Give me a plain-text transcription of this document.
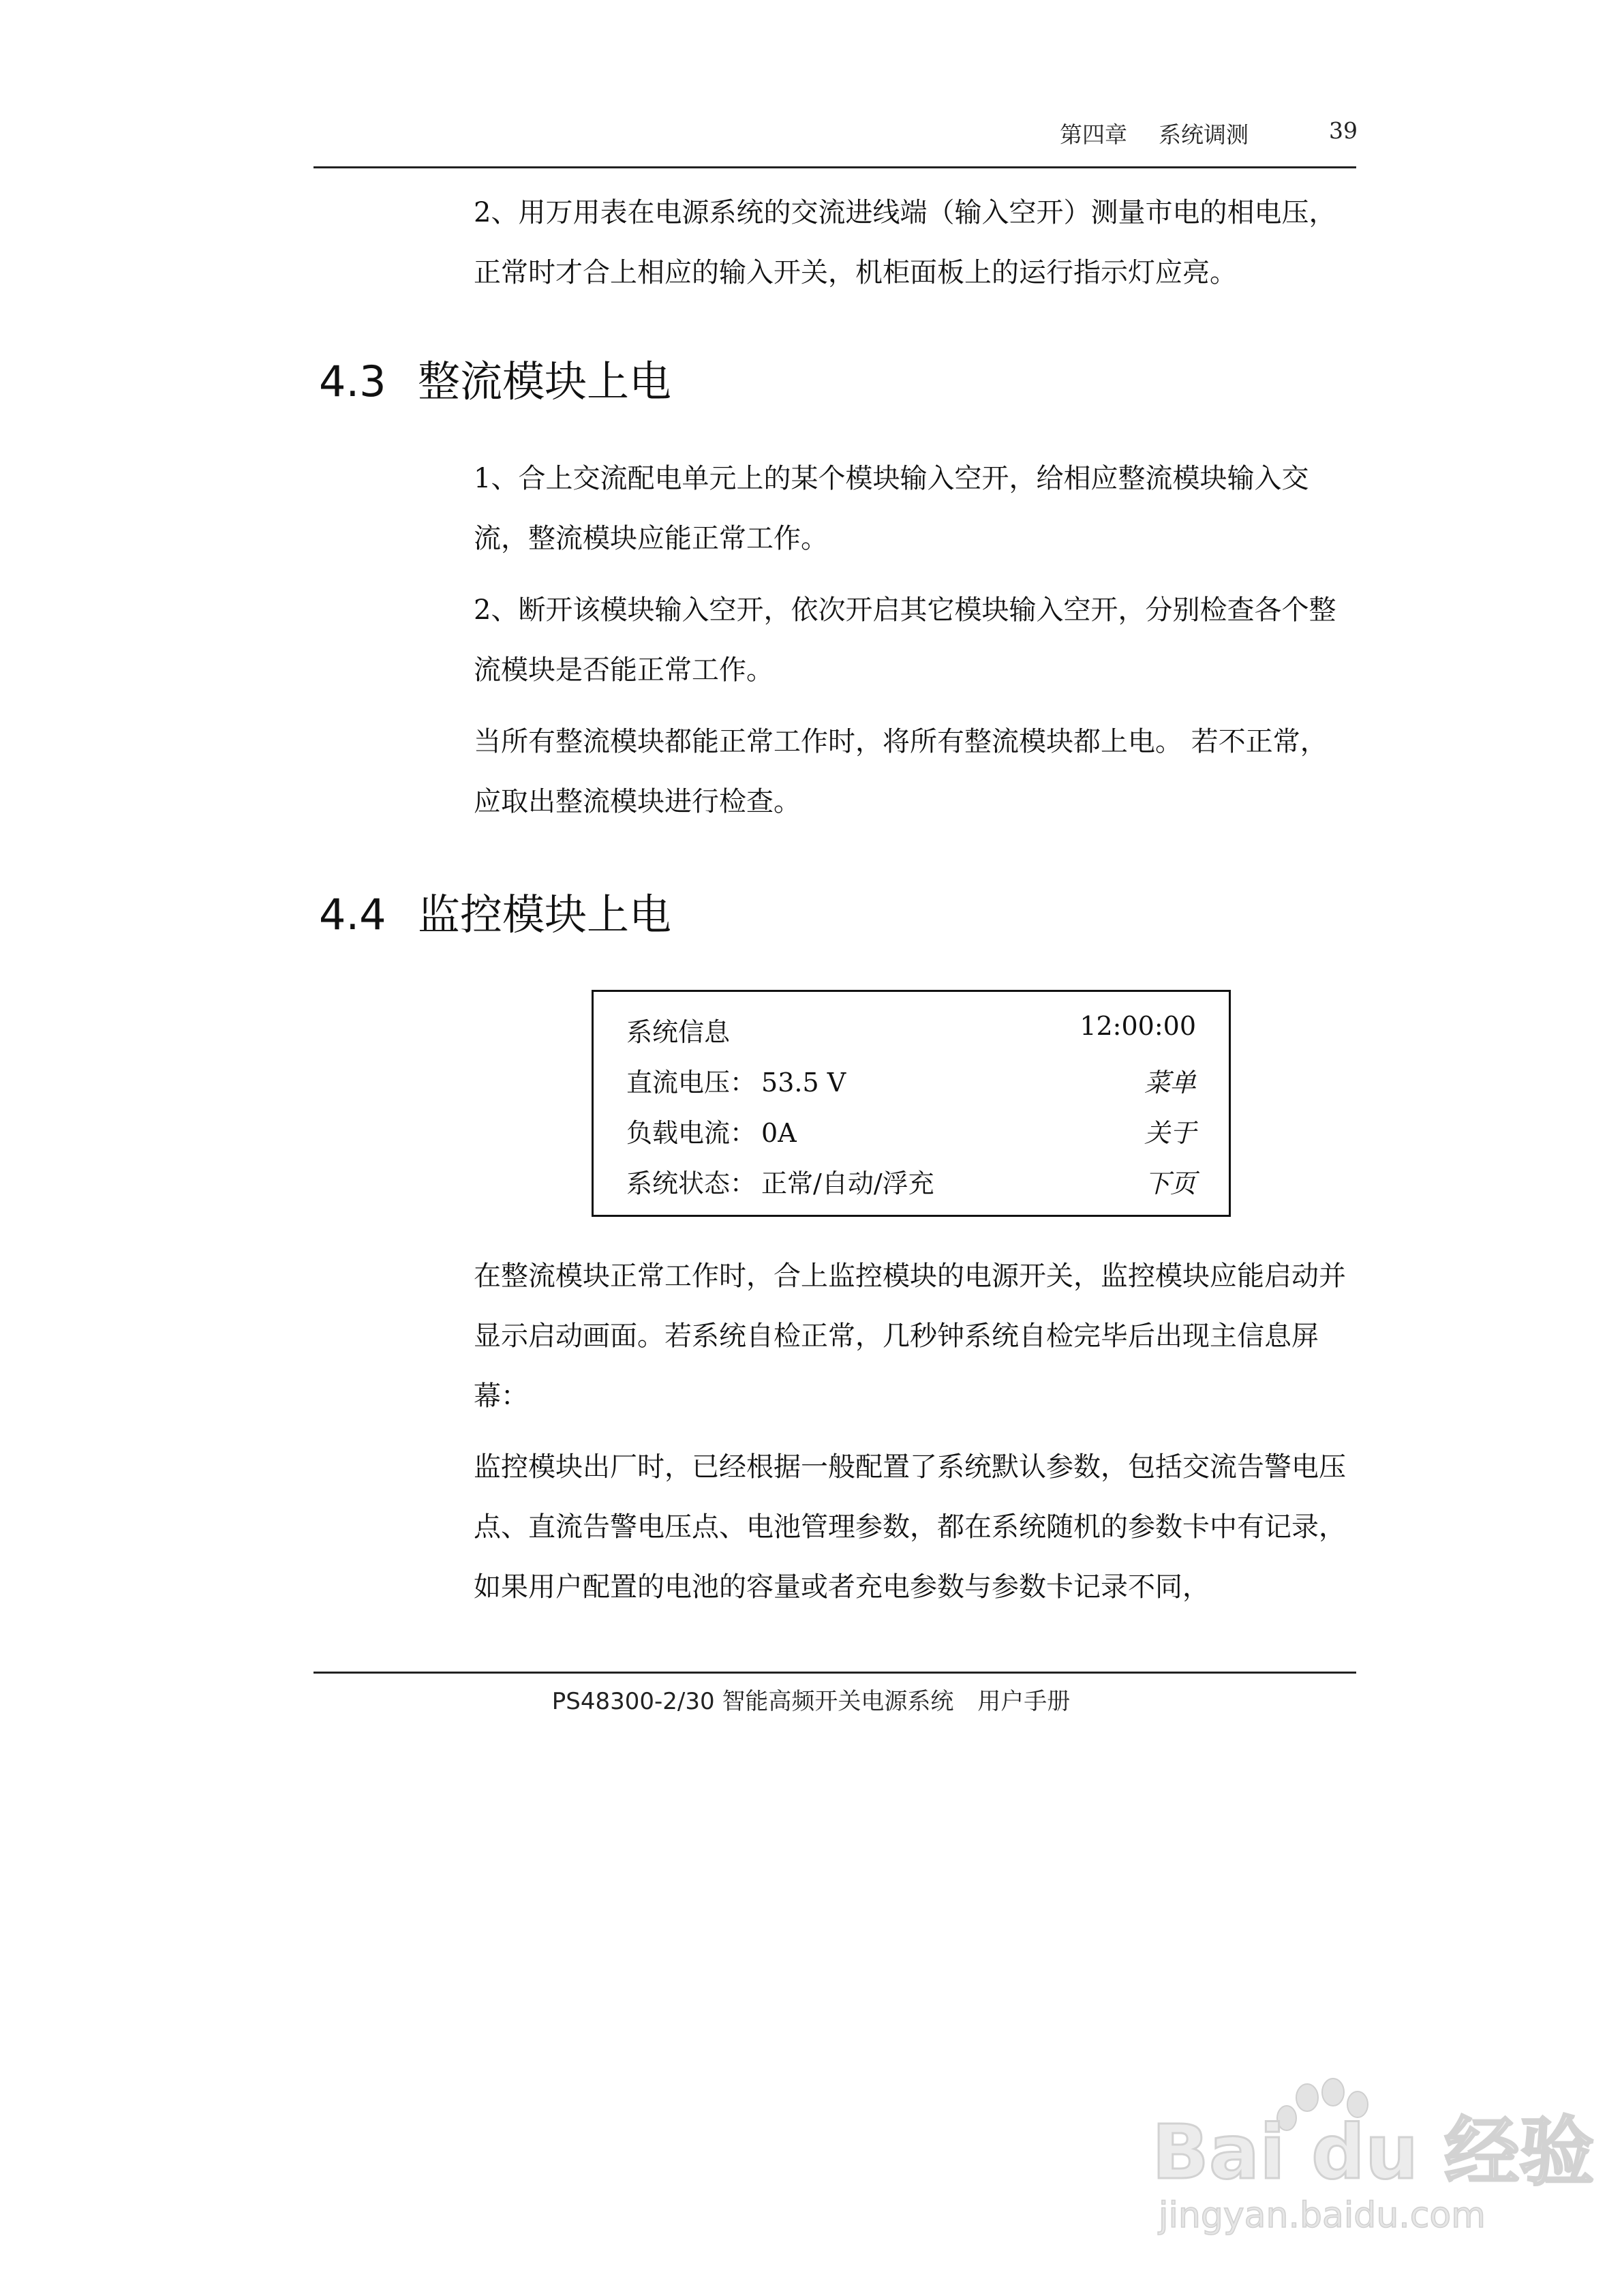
第四章 系统调测	39
2、用万用表在电源系统的交流进线端（输入空开）测量市电的相电压，正常时才合上相应的输入开关，机柜面板上的运行指示灯应亮。
4.3 整流模块上电
1、合上交流配电单元上的某个模块输入空开，给相应整流模块输入交流，整流模块应能正常工作。
2、断开该模块输入空开，依次开启其它模块输入空开，分别检查各个整流模块是否能正常工作。
当所有整流模块都能正常工作时，将所有整流模块都上电。 若不正常，应取出整流模块进行检查。
4.4 监控模块上电
系统信息	12:00:00
直流电压： 53.5 V	菜单
负载电流： 0A	关于
系统状态： 正常/自动/浮充	下页
在整流模块正常工作时，合上监控模块的电源开关，监控模块应能启动并显示启动画面。若系统自检正常，几秒钟系统自检完毕后出现主信息屏幕：
监控模块出厂时，已经根据一般配置了系统默认参数，包括交流告警电压点、直流告警电压点、电池管理参数，都在系统随机的参数卡中有记录，如果用户配置的电池的容量或者充电参数与参数卡记录不同，
PS48300-2/30 智能高频开关电源系统 用户手册
Bai du 经验
jingyan.baidu.com
